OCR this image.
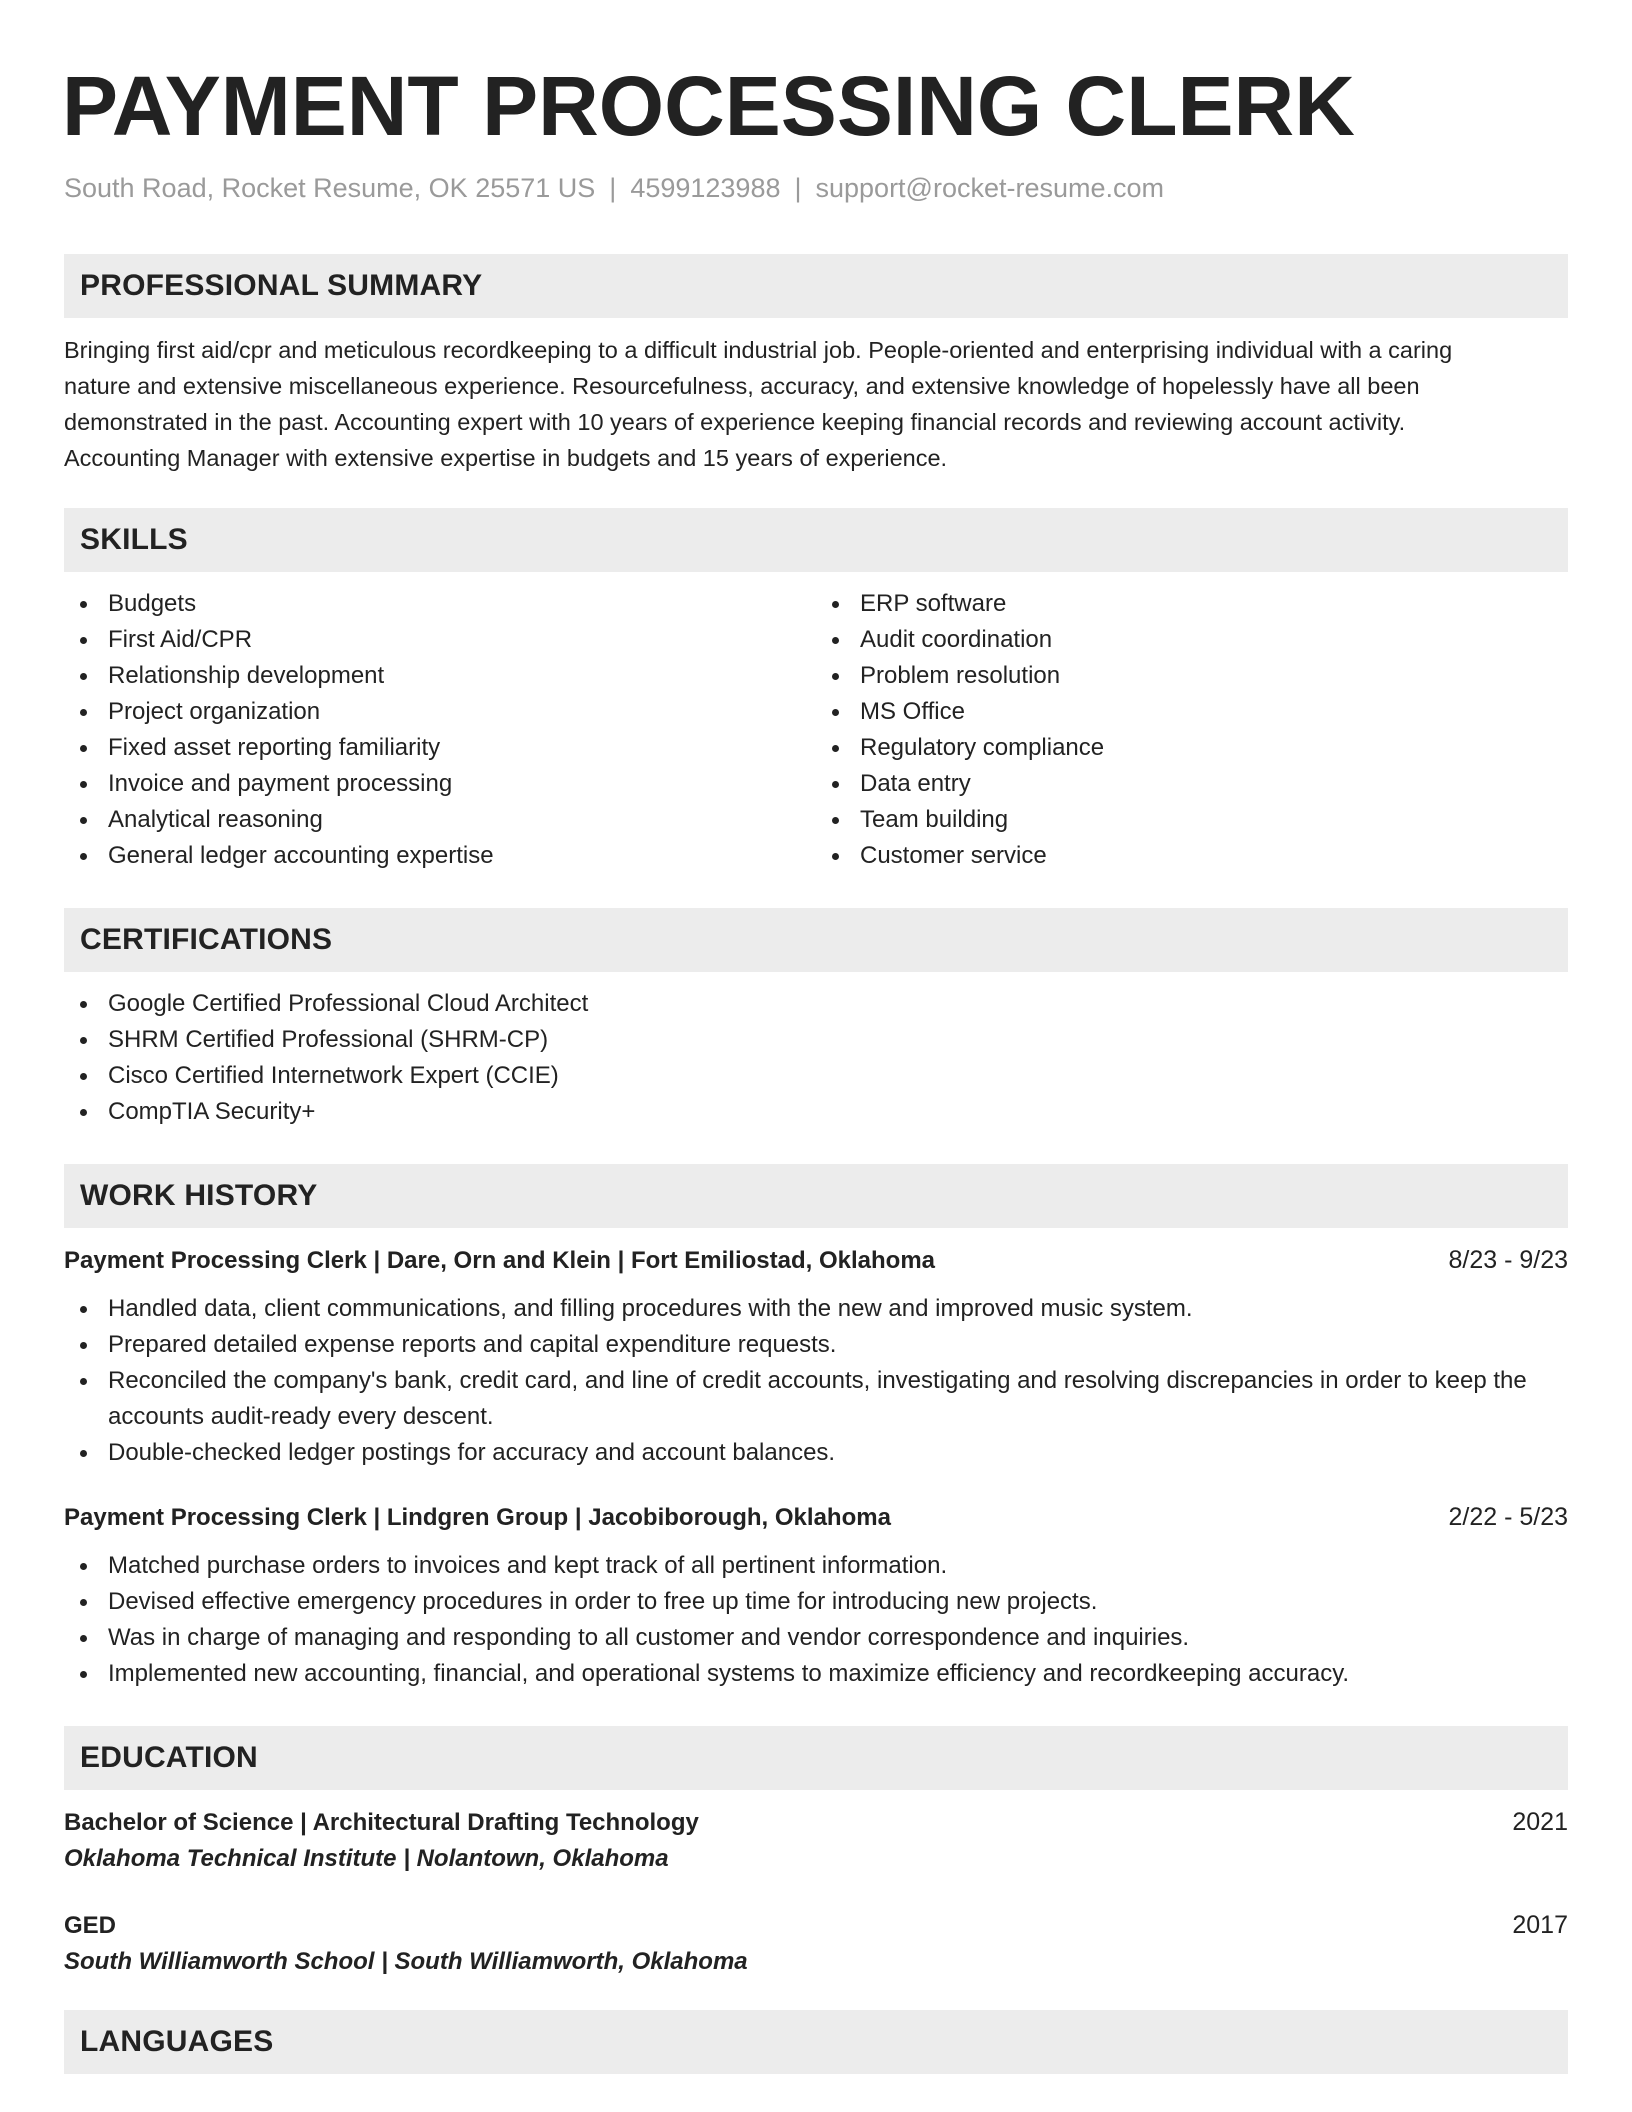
PAYMENT PROCESSING CLERK
South Road, Rocket Resume, OK 25571 US | 4599123988 | support@rocket-resume.com
PROFESSIONAL SUMMARY
Bringing first aid/cpr and meticulous recordkeeping to a difficult industrial job. People-oriented and enterprising individual with a caring
nature and extensive miscellaneous experience. Resourcefulness, accuracy, and extensive knowledge of hopelessly have all been
demonstrated in the past. Accounting expert with 10 years of experience keeping financial records and reviewing account activity.
Accounting Manager with extensive expertise in budgets and 15 years of experience.
SKILLS
Budgets
First Aid/CPR
Relationship development
Project organization
Fixed asset reporting familiarity
Invoice and payment processing
Analytical reasoning
General ledger accounting expertise
ERP software
Audit coordination
Problem resolution
MS Office
Regulatory compliance
Data entry
Team building
Customer service
CERTIFICATIONS
Google Certified Professional Cloud Architect
SHRM Certified Professional (SHRM-CP)
Cisco Certified Internetwork Expert (CCIE)
CompTIA Security+
WORK HISTORY
Payment Processing Clerk | Dare, Orn and Klein | Fort Emiliostad, Oklahoma	8/23 - 9/23
Handled data, client communications, and filling procedures with the new and improved music system.
Prepared detailed expense reports and capital expenditure requests.
Reconciled the company's bank, credit card, and line of credit accounts, investigating and resolving discrepancies in order to keep the accounts audit-ready every descent.
Double-checked ledger postings for accuracy and account balances.
Payment Processing Clerk | Lindgren Group | Jacobiborough, Oklahoma	2/22 - 5/23
Matched purchase orders to invoices and kept track of all pertinent information.
Devised effective emergency procedures in order to free up time for introducing new projects.
Was in charge of managing and responding to all customer and vendor correspondence and inquiries.
Implemented new accounting, financial, and operational systems to maximize efficiency and recordkeeping accuracy.
EDUCATION
Bachelor of Science | Architectural Drafting Technology	2021
Oklahoma Technical Institute | Nolantown, Oklahoma
GED	2017
South Williamworth School | South Williamworth, Oklahoma
LANGUAGES
